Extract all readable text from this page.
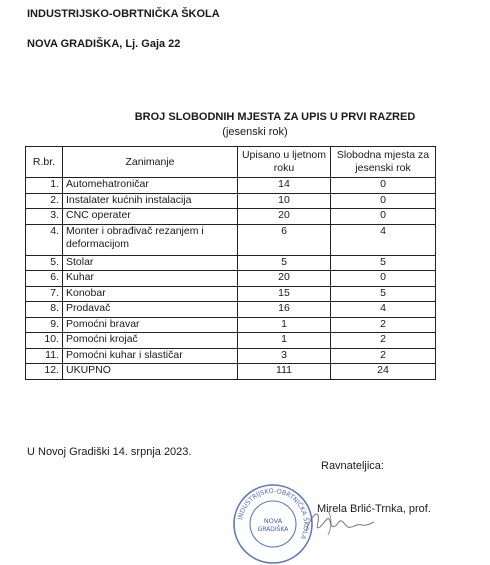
INDUSTRIJSKO-OBRTNIČKA ŠKOLA
NOVA GRADIŠKA, Lj. Gaja 22
BROJ SLOBODNIH MJESTA ZA UPIS U PRVI RAZRED
(jesenski rok)
R.br.	Zanimanje	Upisano u ljetnom roku	Slobodna mjesta za jesenski rok
1.	Automehatroničar	14	0
2.	Instalater kućnih instalacija	10	0
3.	CNC operater	20	0
4.	Monter i obrađivač rezanjem i deformacijom	6	4
5.	Stolar	5	5
6.	Kuhar	20	0
7.	Konobar	15	5
8.	Prodavač	16	4
9.	Pomoćni bravar	1	2
10.	Pomoćni krojač	1	2
11.	Pomoćni kuhar i slastičar	3	2
12.	UKUPNO	111	24
U Novoj Gradiški 14. srpnja 2023.
Ravnateljica:
INDUSTRIJSKO-OBRTNIČKA ŠKOLA
NOVA
GRADIŠKA
Mirela Brlić-Trnka, prof.
